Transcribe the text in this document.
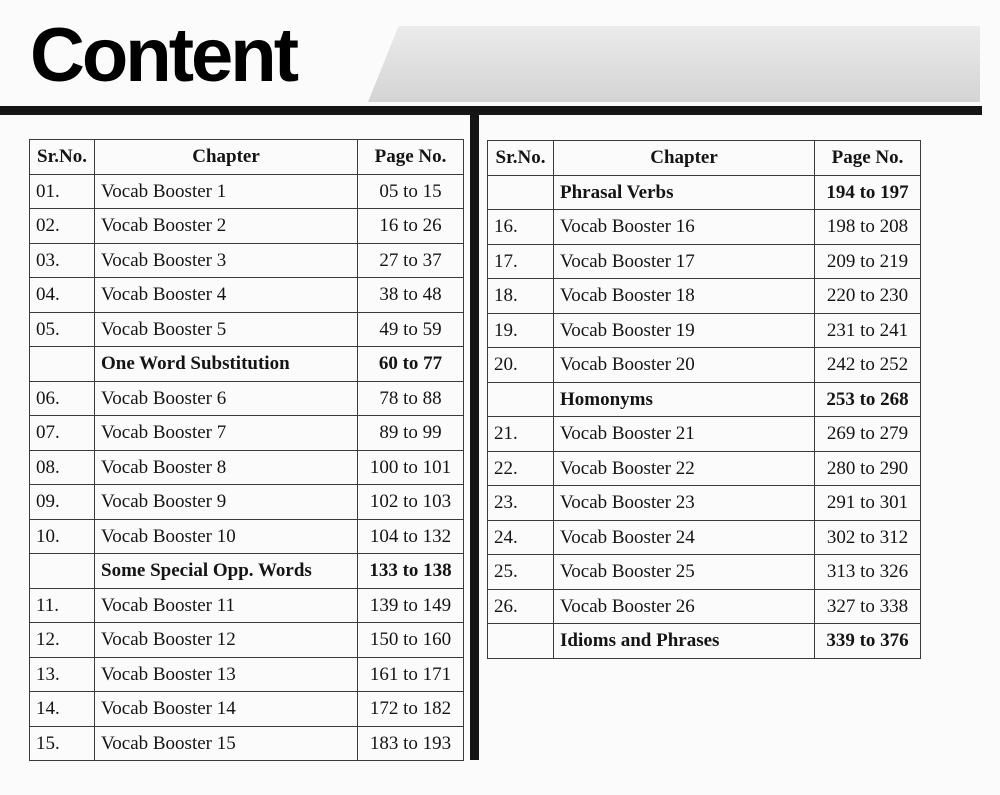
Content
Sr.No.	Chapter	Page No.
01.	Vocab Booster 1	05 to 15
02.	Vocab Booster 2	16 to 26
03.	Vocab Booster 3	27 to 37
04.	Vocab Booster 4	38 to 48
05.	Vocab Booster 5	49 to 59
	One Word Substitution	60 to 77
06.	Vocab Booster 6	78 to 88
07.	Vocab Booster 7	89 to 99
08.	Vocab Booster 8	100 to 101
09.	Vocab Booster 9	102 to 103
10.	Vocab Booster 10	104 to 132
	Some Special Opp. Words	133 to 138
11.	Vocab Booster 11	139 to 149
12.	Vocab Booster 12	150 to 160
13.	Vocab Booster 13	161 to 171
14.	Vocab Booster 14	172 to 182
15.	Vocab Booster 15	183 to 193
Sr.No.	Chapter	Page No.
	Phrasal Verbs	194 to 197
16.	Vocab Booster 16	198 to 208
17.	Vocab Booster 17	209 to 219
18.	Vocab Booster 18	220 to 230
19.	Vocab Booster 19	231 to 241
20.	Vocab Booster 20	242 to 252
	Homonyms	253 to 268
21.	Vocab Booster 21	269 to 279
22.	Vocab Booster 22	280 to 290
23.	Vocab Booster 23	291 to 301
24.	Vocab Booster 24	302 to 312
25.	Vocab Booster 25	313 to 326
26.	Vocab Booster 26	327 to 338
	Idioms and Phrases	339 to 376
